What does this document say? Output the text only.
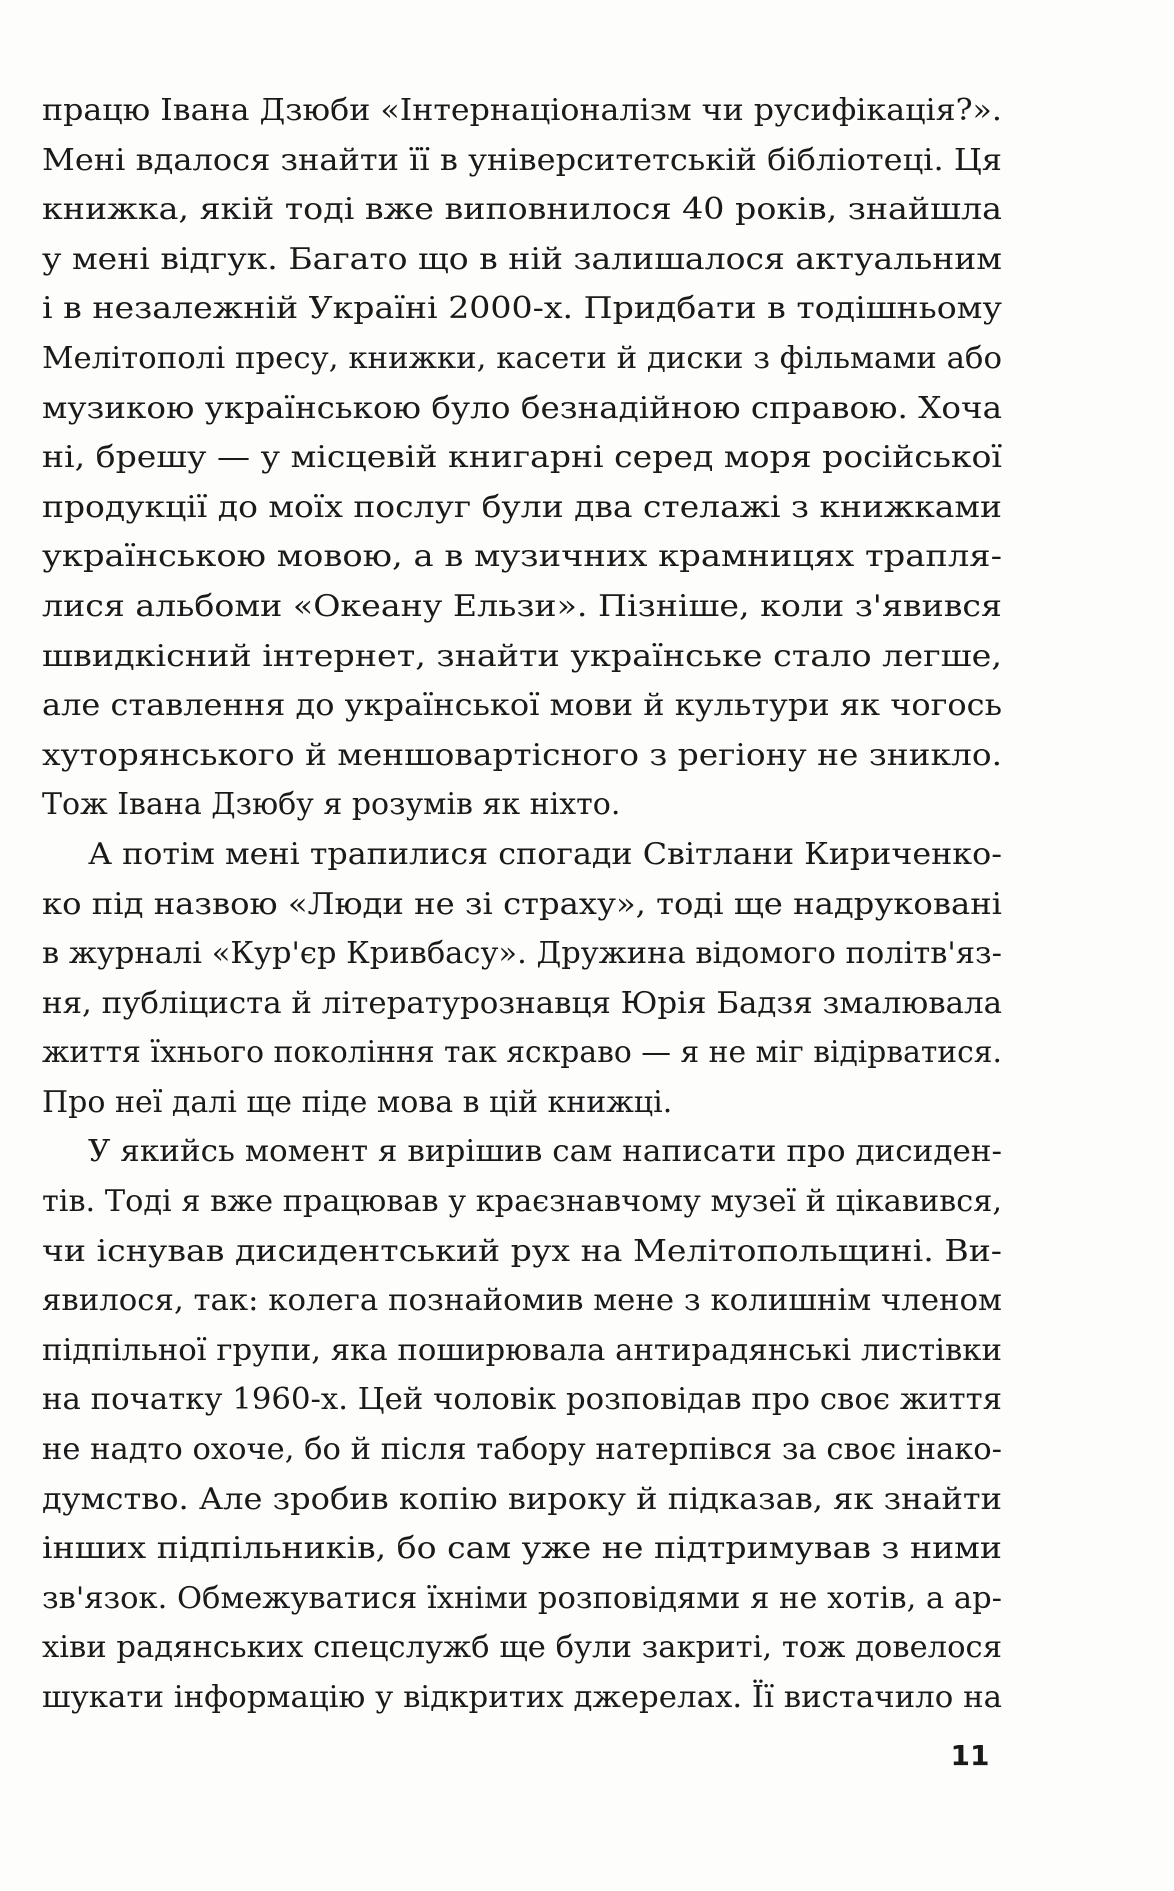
працю Івана Дзюби «Інтернаціоналізм чи русифікація?».
Мені вдалося знайти її в університетській бібліотеці. Ця
книжка, якій тоді вже виповнилося 40 років, знайшла
у мені відгук. Багато що в ній залишалося актуальним
і в незалежній Україні 2000-х. Придбати в тодішньому
Мелітополі пресу, книжки, касети й диски з фільмами або
музикою українською було безнадійною справою. Хоча
ні, брешу — у місцевій книгарні серед моря російської
продукції до моїх послуг були два стелажі з книжками
українською мовою, а в музичних крамницях трапля-
лися альбоми «Океану Ельзи». Пізніше, коли з'явився
швидкісний інтернет, знайти українське стало легше,
але ставлення до української мови й культури як чогось
хуторянського й меншовартісного з регіону не зникло.
Тож Івана Дзюбу я розумів як ніхто.
А потім мені трапилися спогади Світлани Кириченко-
ко під назвою «Люди не зі страху», тоді ще надруковані
в журналі «Кур'єр Кривбасу». Дружина відомого політв'яз-
ня, публіциста й літературознавця Юрія Бадзя змалювала
життя їхнього покоління так яскраво — я не міг відірватися.
Про неї далі ще піде мова в цій книжці.
У якийсь момент я вирішив сам написати про дисиден-
тів. Тоді я вже працював у краєзнавчому музеї й цікавився,
чи існував дисидентський рух на Мелітопольщині. Ви-
явилося, так: колега познайомив мене з колишнім членом
підпільної групи, яка поширювала антирадянські листівки
на початку 1960-х. Цей чоловік розповідав про своє життя
не надто охоче, бо й після табору натерпівся за своє інако-
думство. Але зробив копію вироку й підказав, як знайти
інших підпільників, бо сам уже не підтримував з ними
зв'язок. Обмежуватися їхніми розповідями я не хотів, а ар-
хіви радянських спецслужб ще були закриті, тож довелося
шукати інформацію у відкритих джерелах. Її вистачило на
11
